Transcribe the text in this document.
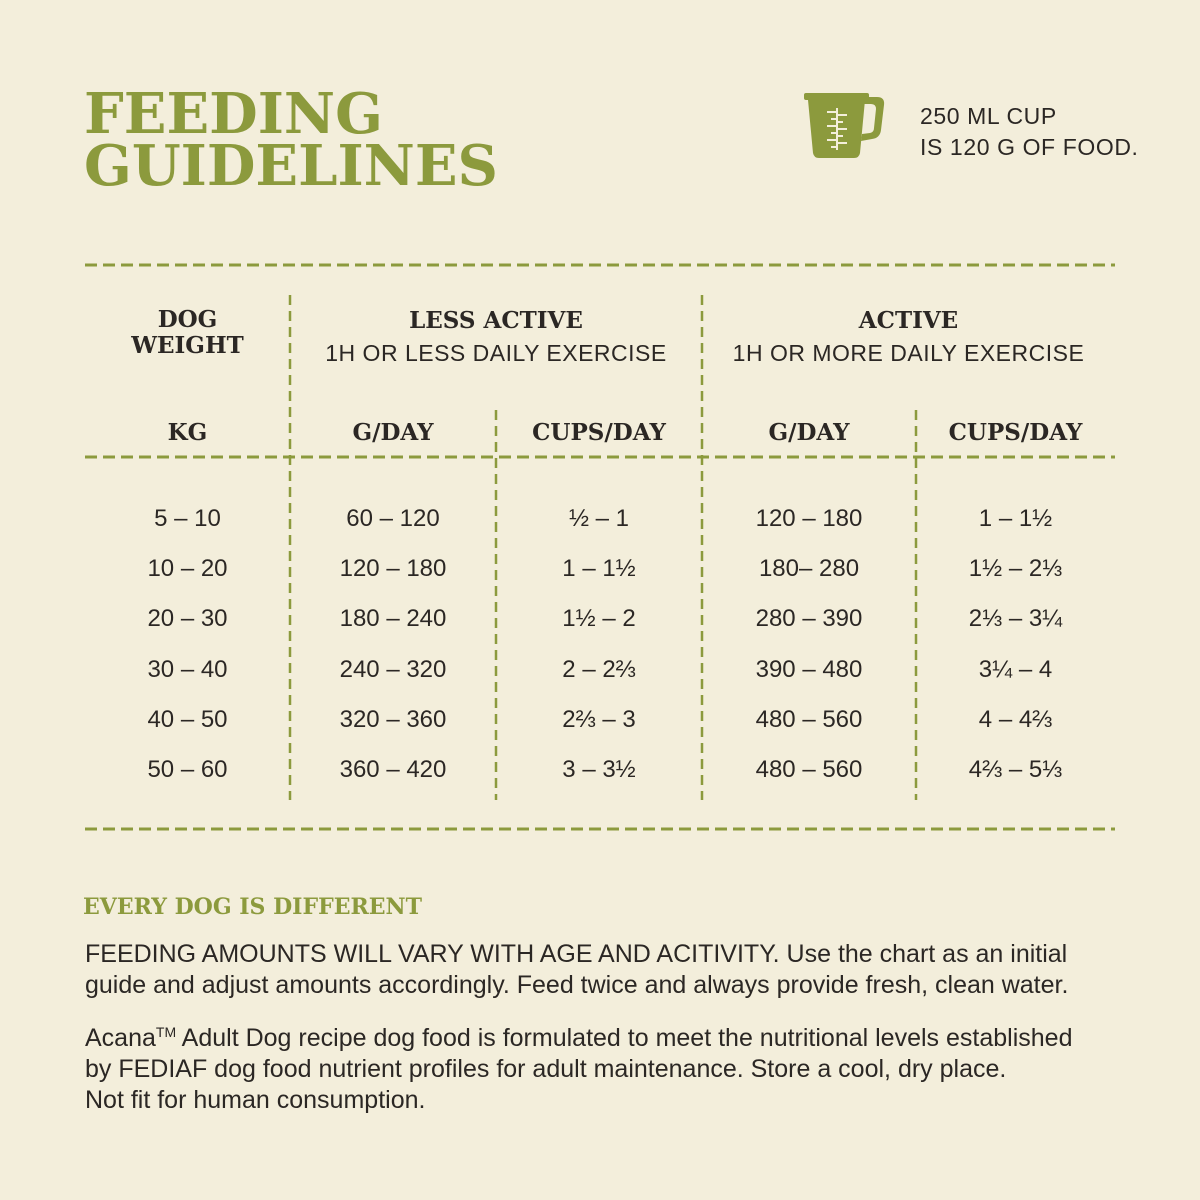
FEEDING
GUIDELINES
250 ML CUP
IS 120 G OF FOOD.
DOG
WEIGHT
LESS ACTIVE
1H OR LESS DAILY EXERCISE
ACTIVE
1H OR MORE DAILY EXERCISE
KG	G/DAY	CUPS/DAY	G/DAY	CUPS/DAY
5 – 10	60 – 120	½ – 1	120 – 180	1 – 1½
10 – 20	120 – 180	1 – 1½	180– 280	1½ – 2⅓
20 – 30	180 – 240	1½ – 2	280 – 390	2⅓ – 3¼
30 – 40	240 – 320	2 – 2⅔	390 – 480	3¼ – 4
40 – 50	320 – 360	2⅔ – 3	480 – 560	4 – 4⅔
50 – 60	360 – 420	3 – 3½	480 – 560	4⅔ – 5⅓
EVERY DOG IS DIFFERENT
FEEDING AMOUNTS WILL VARY WITH AGE AND ACITIVITY. Use the chart as an initial
guide and adjust amounts accordingly. Feed twice and always provide fresh, clean water.
Acana™ Adult Dog recipe dog food is formulated to meet the nutritional levels established
by FEDIAF dog food nutrient profiles for adult maintenance. Store a cool, dry place.
Not fit for human consumption.
